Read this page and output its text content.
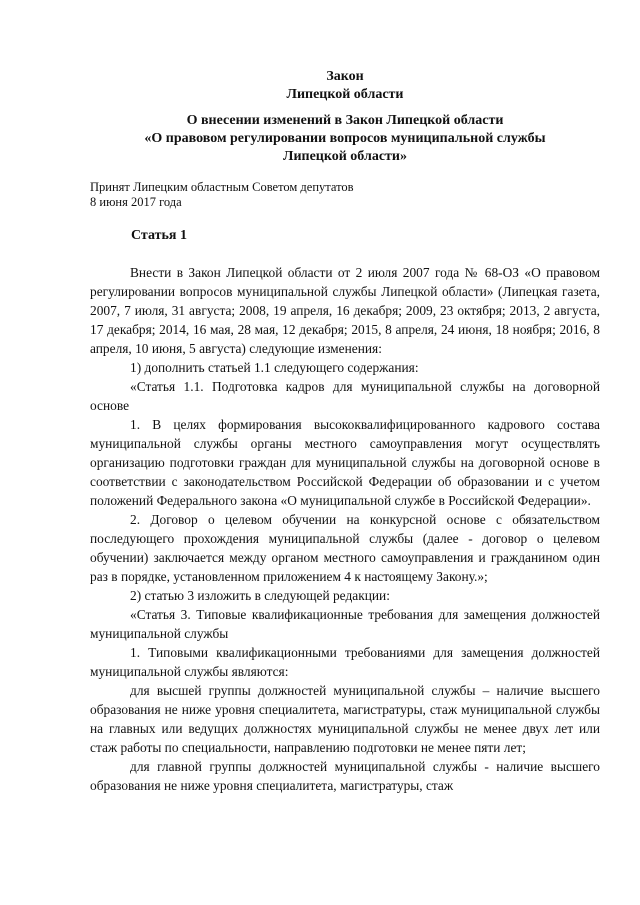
Закон
Липецкой области
О внесении изменений в Закон Липецкой области
«О правовом регулировании вопросов муниципальной службы
Липецкой области»
Принят Липецким областным Советом депутатов
8 июня 2017 года
Статья 1

Внести в Закон Липецкой области от 2 июля 2007 года № 68-ОЗ «О правовом регулировании вопросов муниципальной службы Липецкой области» (Липецкая газета, 2007, 7 июля, 31 августа; 2008, 19 апреля, 16 декабря; 2009, 23 октября; 2013, 2 августа, 17 декабря; 2014, 16 мая, 28 мая, 12 декабря; 2015, 8 апреля, 24 июня, 18 ноября; 2016, 8 апреля, 10 июня, 5 августа) следующие изменения:

1) дополнить статьей 1.1 следующего содержания:

«Статья 1.1. Подготовка кадров для муниципальной службы на договорной основе

1. В целях формирования высококвалифицированного кадрового состава муниципальной службы органы местного самоуправления могут осуществлять организацию подготовки граждан для муниципальной службы на договорной основе в соответствии с законодательством Российской Федерации об образовании и с учетом положений Федерального закона «О муниципальной службе в Российской Федерации».

2. Договор о целевом обучении на конкурсной основе с обязательством последующего прохождения муниципальной службы (далее - договор о целевом обучении) заключается между органом местного самоуправления и гражданином один раз в порядке, установленном приложением 4 к настоящему Закону.»;

2) статью 3 изложить в следующей редакции:

«Статья 3. Типовые квалификационные требования для замещения должностей муниципальной службы

1. Типовыми квалификационными требованиями для замещения должностей муниципальной службы являются:

для высшей группы должностей муниципальной службы – наличие высшего образования не ниже уровня специалитета, магистратуры, стаж муниципальной службы на главных или ведущих должностях муниципальной службы не менее двух лет или стаж работы по специальности, направлению подготовки не менее пяти лет;

для главной группы должностей муниципальной службы - наличие высшего образования не ниже уровня специалитета, магистратуры, стаж
